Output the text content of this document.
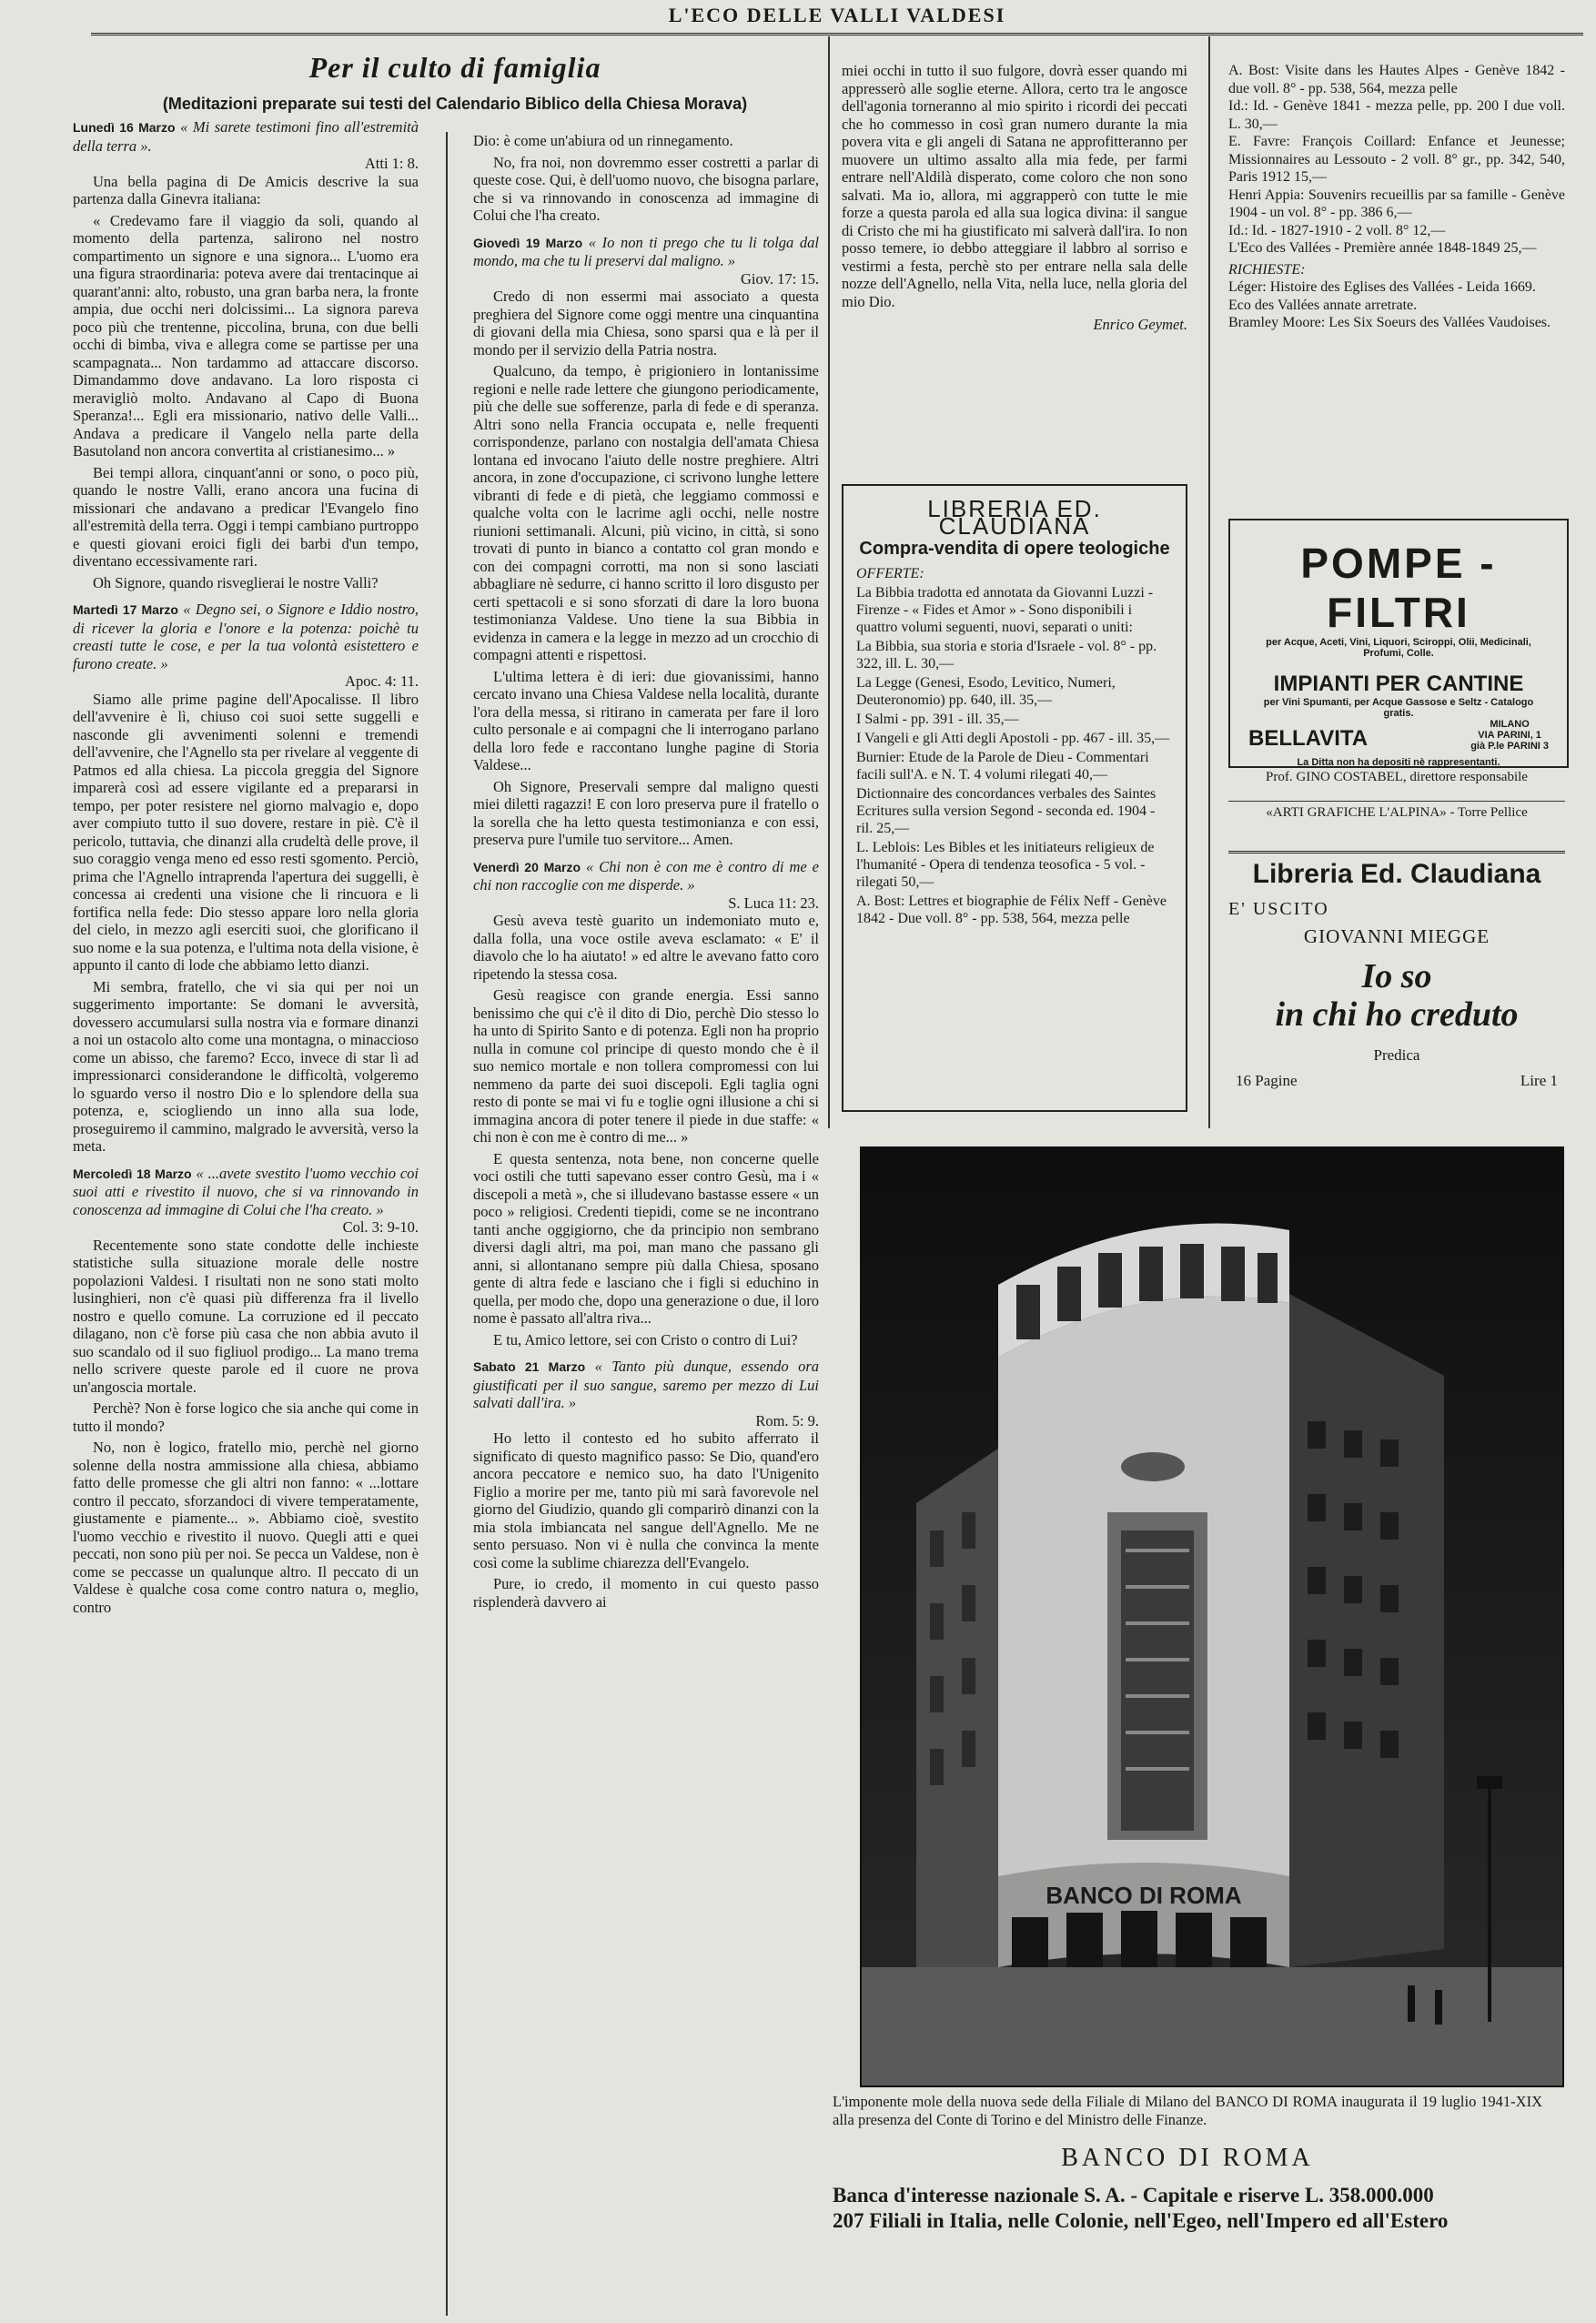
L'ECO DELLE VALLI VALDESI
Per il culto di famiglia
(Meditazioni preparate sui testi del Calendario Biblico della Chiesa Morava)
Lunedì 16 Marzo « Mi sarete testimoni fino all'estremità della terra ».
Atti 1: 8.

Una bella pagina di De Amicis descrive la sua partenza dalla Ginevra italiana:

« Credevamo fare il viaggio da soli, quando al momento della partenza, salirono nel nostro compartimento un signore e una signora... L'uomo era una figura straordinaria: poteva avere dai trentacinque ai quarant'anni: alto, robusto, una gran barba nera, la fronte ampia, due occhi neri dolcissimi... La signora pareva poco più che trentenne, piccolina, bruna, con due belli occhi di bimba, viva e allegra come se partisse per una scampagnata... Non tardammo ad attaccare discorso. Dimandammo dove andavano. La loro risposta ci meravigliò molto. Andavano al Capo di Buona Speranza!... Egli era missionario, nativo delle Valli... Andava a predicare il Vangelo nella parte della Basutoland non ancora convertita al cristianesimo... »

Bei tempi allora, cinquant'anni or sono, o poco più, quando le nostre Valli, erano ancora una fucina di missionari che andavano a predicar l'Evangelo fino all'estremità della terra. Oggi i tempi cambiano purtroppo e questi giovani eroici figli dei barbi d'un tempo, diventano eccessivamente rari.

Oh Signore, quando risveglierai le nostre Valli?

Martedì 17 Marzo « Degno sei, o Signore e Iddio nostro, di ricever la gloria e l'onore e la potenza: poichè tu creasti tutte le cose, e per la tua volontà esistettero e furono create. »
Apoc. 4: 11.

Siamo alle prime pagine dell'Apocalisse. Il libro dell'avvenire è lì, chiuso coi suoi sette suggelli e nasconde gli avvenimenti solenni e tremendi dell'avvenire, che l'Agnello sta per rivelare al veggente di Patmos ed alla chiesa. La piccola greggia del Signore imparerà così ad essere vigilante ed a prepararsi in tempo, per poter resistere nel giorno malvagio e, dopo aver compiuto tutto il suo dovere, restare in piè. C'è il pericolo, tuttavia, che dinanzi alla crudeltà delle prove, il suo coraggio venga meno ed esso resti sgomento. Perciò, prima che l'Agnello intraprenda l'apertura dei suggelli, è concessa ai credenti una visione che li rincuora e li fortifica nella fede: Dio stesso appare loro nella gloria del cielo, in mezzo agli eserciti suoi, che glorificano il suo nome e la sua potenza, e l'ultima nota della visione, è appunto il canto di lode che abbiamo letto dianzi.

Mi sembra, fratello, che vi sia qui per noi un suggerimento importante: Se domani le avversità, dovessero accumularsi sulla nostra via e formare dinanzi a noi un ostacolo alto come una montagna, o minaccioso come un abisso, che faremo? Ecco, invece di star lì ad impressionarci considerandone le difficoltà, volgeremo lo sguardo verso il nostro Dio e lo splendore della sua potenza, e, sciogliendo un inno alla sua lode, proseguiremo il cammino, malgrado le avversità, verso la meta.

Mercoledì 18 Marzo « ...avete svestito l'uomo vecchio coi suoi atti e rivestito il nuovo, che si va rinnovando in conoscenza ad immagine di Colui che l'ha creato. »
Col. 3: 9-10.

Recentemente sono state condotte delle inchieste statistiche sulla situazione morale delle nostre popolazioni Valdesi. I risultati non ne sono stati molto lusinghieri, non c'è quasi più differenza fra il livello nostro e quello comune. La corruzione ed il peccato dilagano, non c'è forse più casa che non abbia avuto il suo scandalo od il suo figliuol prodigo... La mano trema nello scrivere queste parole ed il cuore ne prova un'angoscia mortale.

Perchè? Non è forse logico che sia anche qui come in tutto il mondo?

No, non è logico, fratello mio, perchè nel giorno solenne della nostra ammissione alla chiesa, abbiamo fatto delle promesse che gli altri non fanno: « ...lottare contro il peccato, sforzandoci di vivere temperatamente, giustamente e piamente... ». Abbiamo cioè, svestito l'uomo vecchio e rivestito il nuovo. Quegli atti e quei peccati, non sono più per noi. Se pecca un Valdese, non è come se peccasse un qualunque altro. Il peccato di un Valdese è qualche cosa come contro natura o, meglio, contro

Dio: è come un'abiura od un rinnegamento.

No, fra noi, non dovremmo esser costretti a parlar di queste cose. Qui, è dell'uomo nuovo, che bisogna parlare, che si va rinnovando in conoscenza ad immagine di Colui che l'ha creato.

Giovedì 19 Marzo « Io non ti prego che tu li tolga dal mondo, ma che tu li preservi dal maligno. »
Giov. 17: 15.

Credo di non essermi mai associato a questa preghiera del Signore come oggi mentre una cinquantina di giovani della mia Chiesa, sono sparsi qua e là per il mondo per il servizio della Patria nostra.

Qualcuno, da tempo, è prigioniero in lontanissime regioni e nelle rade lettere che giungono periodicamente, più che delle sue sofferenze, parla di fede e di speranza. Altri sono nella Francia occupata e, nelle frequenti corrispondenze, parlano con nostalgia dell'amata Chiesa lontana ed invocano l'aiuto delle nostre preghiere. Altri ancora, in zone d'occupazione, ci scrivono lunghe lettere vibranti di fede e di pietà, che leggiamo commossi e qualche volta con le lacrime agli occhi, nelle nostre riunioni settimanali. Alcuni, più vicino, in città, si sono trovati di punto in bianco a contatto col gran mondo e con dei compagni corrotti, ma non si sono lasciati abbagliare nè sedurre, ci hanno scritto il loro disgusto per certi spettacoli e si sono sforzati di dare la loro buona testimonianza Valdese. Uno tiene la sua Bibbia in evidenza in camera e la legge in mezzo ad un crocchio di compagni attenti e rispettosi.

L'ultima lettera è di ieri: due giovanissimi, hanno cercato invano una Chiesa Valdese nella località, durante l'ora della messa, si ritirano in camerata per fare il loro culto personale e ai compagni che li interrogano parlano della loro fede e raccontano lunghe pagine di Storia Valdese...

Oh Signore, Preservali sempre dal maligno questi miei diletti ragazzi! E con loro preserva pure il fratello o la sorella che ha letto questa testimonianza e con essi, preserva pure l'umile tuo servitore... Amen.

Venerdì 20 Marzo « Chi non è con me è contro di me e chi non raccoglie con me disperde. »
S. Luca 11: 23.

Gesù aveva testè guarito un indemoniato muto e, dalla folla, una voce ostile aveva esclamato: « E' il diavolo che lo ha aiutato! » ed altre le avevano fatto coro ripetendo la stessa cosa.

Gesù reagisce con grande energia. Essi sanno benissimo che qui c'è il dito di Dio, perchè Dio stesso lo ha unto di Spirito Santo e di potenza. Egli non ha proprio nulla in comune col principe di questo mondo che è il suo nemico mortale e non tollera compromessi con lui nemmeno da parte dei suoi discepoli. Egli taglia ogni resto di ponte se mai vi fu e toglie ogni illusione a chi si immagina ancora di poter tenere il piede in due staffe: « chi non è con me è contro di me... »

E questa sentenza, nota bene, non concerne quelle voci ostili che tutti sapevano esser contro Gesù, ma i « discepoli a metà », che si illudevano bastasse essere « un poco » religiosi. Credenti tiepidi, come se ne incontrano tanti anche oggigiorno, che da principio non sembrano diversi dagli altri, ma poi, man mano che passano gli anni, si allontanano sempre più dalla Chiesa, sposano gente di altra fede e lasciano che i figli si educhino in quella, per modo che, dopo una generazione o due, il loro nome è passato all'altra riva...

E tu, Amico lettore, sei con Cristo o contro di Lui?

Sabato 21 Marzo « Tanto più dunque, essendo ora giustificati per il suo sangue, saremo per mezzo di Lui salvati dall'ira. »
Rom. 5: 9.

Ho letto il contesto ed ho subito afferrato il significato di questo magnifico passo: Se Dio, quand'ero ancora peccatore e nemico suo, ha dato l'Unigenito Figlio a morire per me, tanto più mi sarà favorevole nel giorno del Giudizio, quando gli comparirò dinanzi con la mia stola imbiancata nel sangue dell'Agnello. Me ne sento persuaso. Non vi è nulla che convinca la mente così come la sublime chiarezza dell'Evangelo.

Pure, io credo, il momento in cui questo passo risplenderà davvero ai

miei occhi in tutto il suo fulgore, dovrà esser quando mi appresserò alle soglie eterne. Allora, certo tra le angosce dell'agonia torneranno al mio spirito i ricordi dei peccati che ho commesso in così gran numero durante la mia povera vita e gli angeli di Satana ne approfitteranno per muovere un ultimo assalto alla mia fede, per farmi entrare nell'Aldilà disperato, come coloro che non sono salvati. Ma io, allora, mi aggrapperò con tutte le mie forze a questa parola ed alla sua logica divina: il sangue di Cristo che mi ha giustificato mi salverà dall'ira. Io non posso temere, io debbo atteggiare il labbro al sorriso e vestirmi a festa, perchè sto per entrare nella sala delle nozze dell'Agnello, nella Vita, nella luce, nella gloria del mio Dio.

Enrico Geymet.
LIBRERIA ED. CLAUDIANA
Compra-vendita di opere teologiche
OFFERTE:
La Bibbia tradotta ed annotata da Giovanni Luzzi - Firenze - « Fides et Amor » - Sono disponibili i quattro volumi seguenti, nuovi, separati o uniti:
La Bibbia, sua storia e storia d'Israele - vol. 8° - pp. 322, ill. L. 30,—
La Legge (Genesi, Esodo, Levitico, Numeri, Deuteronomio) pp. 640, ill. 35,—
I Salmi - pp. 391 - ill. 35,—
I Vangeli e gli Atti degli Apostoli - pp. 467 - ill. 35,—
Burnier: Etude de la Parole de Dieu - Commentari facili sull'A. e N. T. 4 volumi rilegati 40,—
Dictionnaire des concordances verbales des Saintes Ecritures sulla version Segond - seconda ed. 1904 - ril. 25,—
L. Leblois: Les Bibles et les initiateurs religieux de l'humanité - Opera di tendenza teosofica - 5 vol. - rilegati 50,—
A. Bost: Lettres et biographie de Félix Neff - Genève 1842 - Due voll. 8° - pp. 538, 564, mezza pelle
A. Bost: Visite dans les Hautes Alpes - Genève 1842 - due voll. 8° - pp. 538, 564, mezza pelle
Id.: Id. - Genève 1841 - mezza pelle, pp. 200 I due voll. L. 30,—
E. Favre: François Coillard: Enfance et Jeunesse; Missionnaires au Lessouto - 2 voll. 8° gr., pp. 342, 540, Paris 1912 15,—
Henri Appia: Souvenirs recueillis par sa famille - Genève 1904 - un vol. 8° - pp. 386 6,—
Id.: Id. - 1827-1910 - 2 voll. 8° 12,—
L'Eco des Vallées - Première année 1848-1849 25,—
RICHIESTE:
Léger: Histoire des Eglises des Vallées - Leida 1669.
Eco des Vallées annate arretrate.
Bramley Moore: Les Six Soeurs des Vallées Vaudoises.
POMPE - FILTRI
per Acque, Aceti, Vini, Liquori, Sciroppi, Olii, Medicinali, Profumi, Colle.
IMPIANTI PER CANTINE
per Vini Spumanti, per Acque Gassose e Seltz - Catalogo gratis.
BELLAVITA
MILANO
VIA PARINI, 1
già P.le PARINI 3
La Ditta non ha depositi nè rappresentanti.
Prof. GINO COSTABEL, direttore responsabile
«ARTI GRAFICHE L'ALPINA» - Torre Pellice
Libreria Ed. Claudiana
E' USCITO
GIOVANNI MIEGGE
Io so
in chi ho creduto
Predica
16 Pagine	Lire 1
BANCO DI ROMA
L'imponente mole della nuova sede della Filiale di Milano del BANCO DI ROMA inaugurata il 19 luglio 1941-XIX alla presenza del Conte di Torino e del Ministro delle Finanze.
BANCO DI ROMA
Banca d'interesse nazionale S. A. - Capitale e riserve L. 358.000.000
207 Filiali in Italia, nelle Colonie, nell'Egeo, nell'Impero ed all'Estero
